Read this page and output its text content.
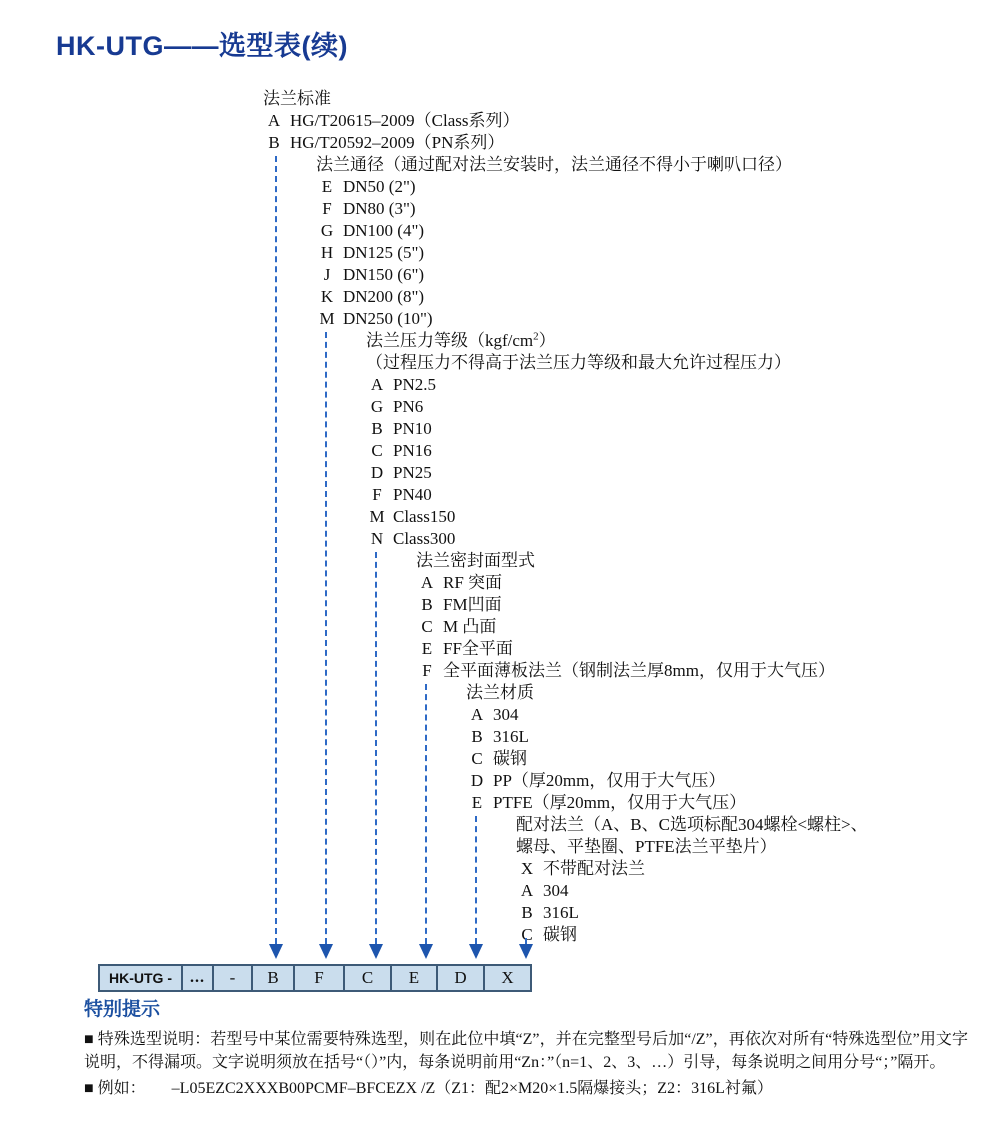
HK-UTG——选型表(续)
法兰标准
A HG/T20615–2009（Class系列）
B HG/T20592–2009（PN系列）
法兰通径（通过配对法兰安装时，法兰通径不得小于喇叭口径）
E DN50 (2")
F DN80 (3")
G DN100 (4")
H DN125 (5")
J DN150 (6")
K DN200 (8")
M DN250 (10")
法兰压力等级$(kgf/cm^2)$
（过程压力不得高于法兰压力等级和最大允许过程压力）
A PN2.5
G PN6
B PN10
C PN16
D PN25
F PN40
M Class150
N Class300
法兰密封面型式
A RF 突面
B FM凹面
C M 凸面
E FF全平面
F 全平面薄板法兰（钢制法兰厚8mm，仅用于大气压）
法兰材质
A 304
B 316L
C 碳钢
D PP（厚20mm，仅用于大气压）
E PTFE（厚20mm，仅用于大气压）
配对法兰（A、B、C选项标配304螺栓<螺柱>、
螺母、平垫圈、PTFE法兰平垫片）
X 不带配对法兰
A 304
B 316L
C 碳钢
HK-UTG -	...	-	B	F	C	E	D	X
特别提示

■ 特殊选型说明：若型号中某位需要特殊选型，则在此位中填“Z”，并在完整型号后加“/Z”，再依次对所有“特殊选型位”用文字说明，不得漏项。文字说明须放在括号“（）”内，每条说明前用“Zn：”（n=1、2、3、…）引导，每条说明之间用分号“；”隔开。

■ 例如： –L05EZC2XXXB00PCMF–BFCEZX /Z（Z1：配2×M20×1.5隔爆接头；Z2：316L衬氟）
